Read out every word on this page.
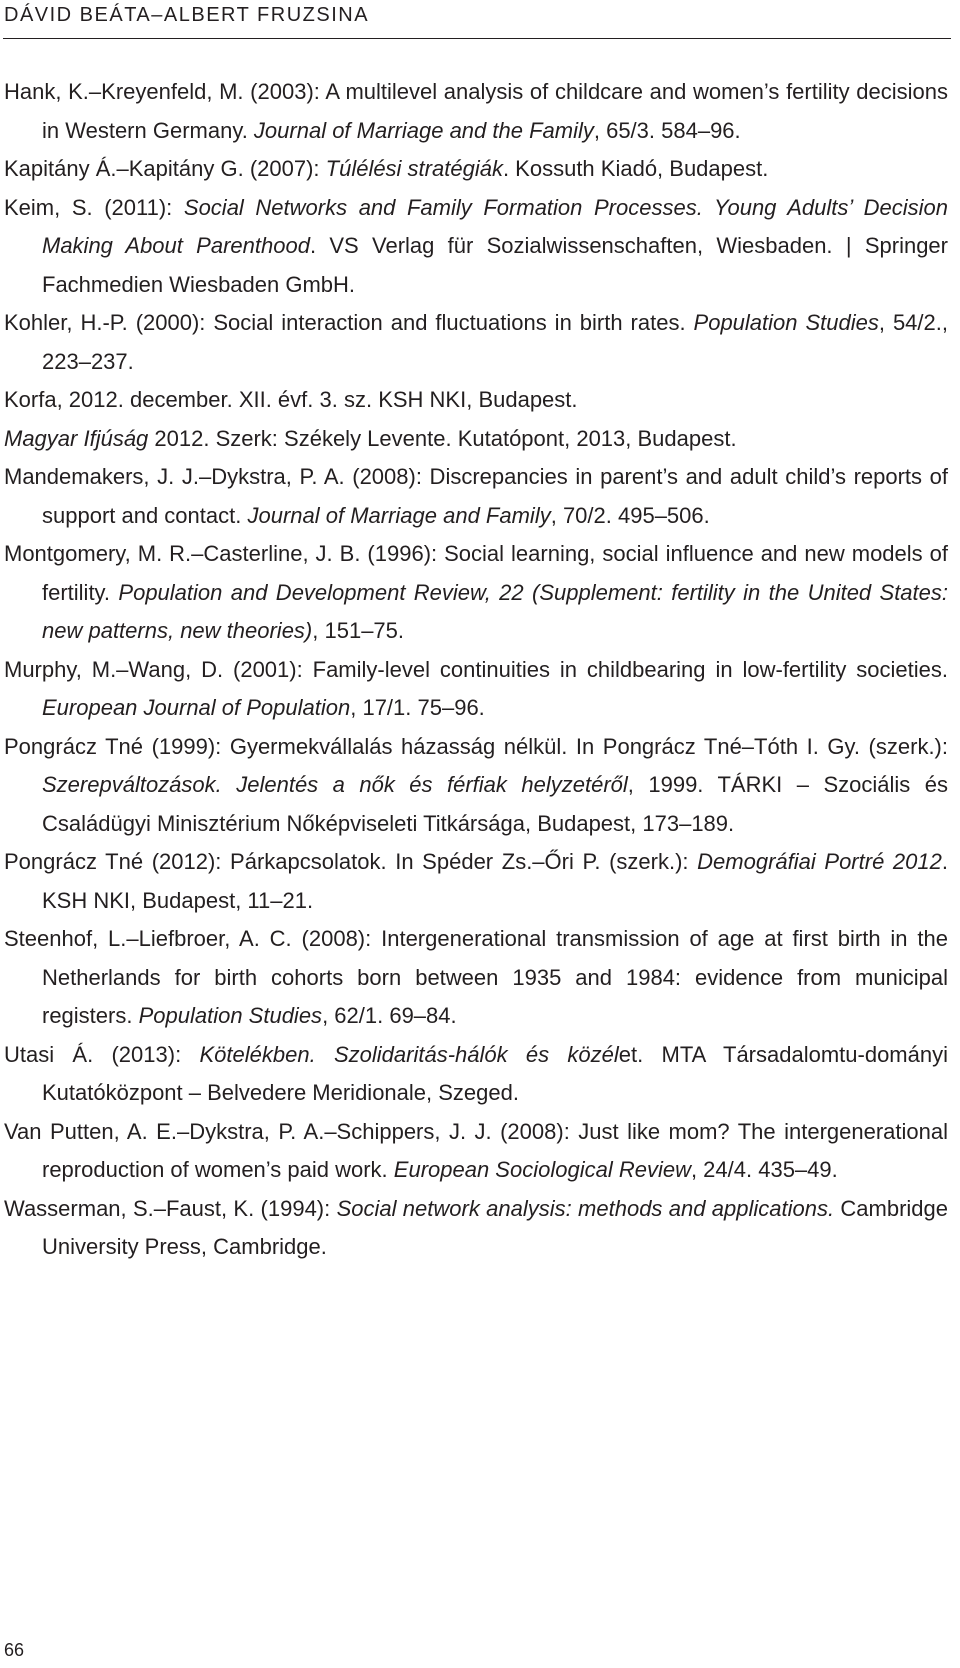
DÁVID BEÁTA–ALBERT FRUZSINA
Hank, K.–Kreyenfeld, M. (2003): A multilevel analysis of childcare and women’s fertility decisions in Western Germany. Journal of Marriage and the Family, 65/3. 584–96.
Kapitány Á.–Kapitány G. (2007): Túlélési stratégiák. Kossuth Kiadó, Budapest.
Keim, S. (2011): Social Networks and Family Formation Processes. Young Adults’ Decision Making About Parenthood. VS Verlag für Sozialwissenschaften, Wiesbaden. | Springer Fachmedien Wiesbaden GmbH.
Kohler, H.-P. (2000): Social interaction and fluctuations in birth rates. Population Studies, 54/2., 223–237.
Korfa, 2012. december. XII. évf. 3. sz. KSH NKI, Budapest.
Magyar Ifjúság 2012. Szerk: Székely Levente. Kutatópont, 2013, Budapest.
Mandemakers, J. J.–Dykstra, P. A. (2008): Discrepancies in parent’s and adult child’s reports of support and contact. Journal of Marriage and Family, 70/2. 495–506.
Montgomery, M. R.–Casterline, J. B. (1996): Social learning, social influence and new models of fertility. Population and Development Review, 22 (Supplement: fertility in the United States: new patterns, new theories), 151–75.
Murphy, M.–Wang, D. (2001): Family-level continuities in childbearing in low-fertility societies. European Journal of Population, 17/1. 75–96.
Pongrácz Tné (1999): Gyermekvállalás házasság nélkül. In Pongrácz Tné–Tóth I. Gy. (szerk.): Szerepváltozások. Jelentés a nők és férfiak helyzetéről, 1999. TÁRKI – Szociális és Családügyi Minisztérium Nőképviseleti Titkársága, Budapest, 173–189.
Pongrácz Tné (2012): Párkapcsolatok. In Spéder Zs.–Őri P. (szerk.): Demográfiai Portré 2012. KSH NKI, Budapest, 11–21.
Steenhof, L.–Liefbroer, A. C. (2008): Intergenerational transmission of age at first birth in the Netherlands for birth cohorts born between 1935 and 1984: evidence from municipal registers. Population Studies, 62/1. 69–84.
Utasi Á. (2013): Kötelékben. Szolidaritás-hálók és közélet. MTA Társadalomtu-dományi Kutatóközpont – Belvedere Meridionale, Szeged.
Van Putten, A. E.–Dykstra, P. A.–Schippers, J. J. (2008): Just like mom? The intergenerational reproduction of women’s paid work. European Sociological Review, 24/4. 435–49.
Wasserman, S.–Faust, K. (1994): Social network analysis: methods and applications. Cambridge University Press, Cambridge.
66
